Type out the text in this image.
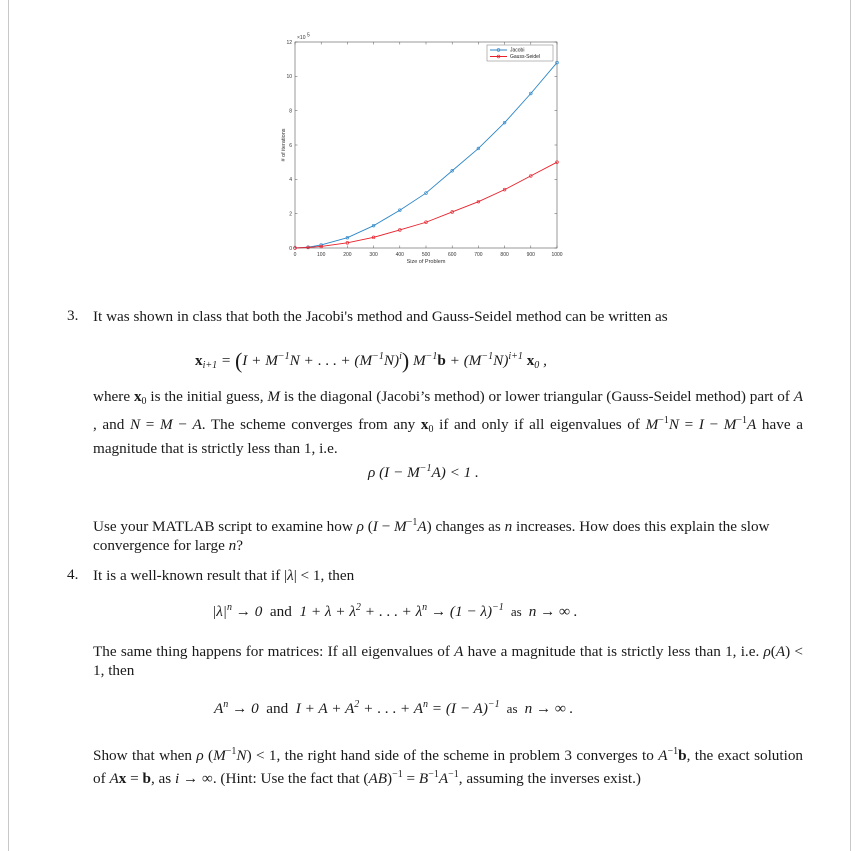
0	100	200	300	400	500	600	700	800	900	1000
0
2
4
6
8
10
12
×10 5
Size of Problem
# of iterations
Jacobi
Gauss-Seidel
3. It was shown in class that both the Jacobi's method and Gauss-Seidel method can be written as
$x_{i+1} = (I + M^{-1}N$ + . . . + $(M^{-1}N)^i$) $M^{-1}b + (M^{-1}N)^{i+1}$ $x_0$ ,
where $x_0$ is the initial guess, M is the diagonal (Jacobi’s method) or lower triangular (Gauss-Seidel method) part of A , and N = M − A. The scheme converges from any $x_0$ if and only if all eigenvalues of $M^{-1}N = I - M^{-1}A$ have a magnitude that is strictly less than 1, i.e.
ρ $(I - M^{-1}A) < 1$ .
Use your MATLAB script to examine how ρ $(I - M^{-1}A)$ changes as n increases. How does this explain the slow convergence for large n?
4. It is a well-known result that if |λ| < 1, then
$|\lambda|^n \to 0$  and  $1 + \lambda + \lambda^2$ + . . . + $\lambda^n \to (1 - \lambda)^{-1}$  as  n → ∞ .
The same thing happens for matrices: If all eigenvalues of A have a magnitude that is strictly less than 1, i.e. ρ(A) < 1, then
$A^n \to 0$  and  $I + A + A^2$ + . . . + $A^n = (I - A)^{-1}$  as  n → ∞ .
Show that when ρ $(M^{-1}N) < 1$, the right hand side of the scheme in problem 3 converges to $A^{-1}b$, the exact solution of Ax = b, as i → ∞. (Hint: Use the fact that $(AB)^{-1} = B^{-1}A^{-1}$, assuming the inverses exist.)
